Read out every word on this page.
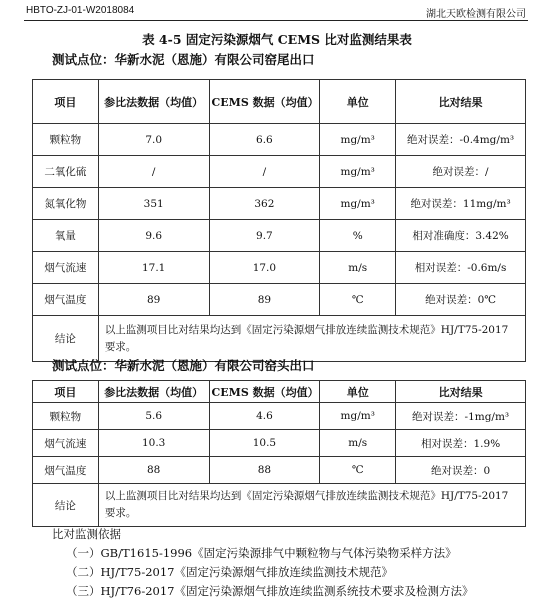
HBTO-ZJ-01-W2018084	湖北天欧检测有限公司
表 4-5 固定污染源烟气 CEMS 比对监测结果表
测试点位：华新水泥（恩施）有限公司窑尾出口
项目	参比法数据（均值）	CEMS 数据（均值）	单位	比对结果
颗粒物	7.0	6.6	mg/m³	绝对误差：-0.4mg/m³
二氧化硫	/	/	mg/m³	绝对误差：/
氮氧化物	351	362	mg/m³	绝对误差：11mg/m³
氧量	9.6	9.7	%	相对准确度：3.42%
烟气流速	17.1	17.0	m/s	相对误差：-0.6m/s
烟气温度	89	89	℃	绝对误差：0℃
结论	以上监测项目比对结果均达到《固定污染源烟气排放连续监测技术规范》HJ/T75-2017 要求。			
测试点位：华新水泥（恩施）有限公司窑头出口
项目	参比法数据（均值）	CEMS 数据（均值）	单位	比对结果
颗粒物	5.6	4.6	mg/m³	绝对误差：-1mg/m³
烟气流速	10.3	10.5	m/s	相对误差：1.9%
烟气温度	88	88	℃	绝对误差：0
结论	以上监测项目比对结果均达到《固定污染源烟气排放连续监测技术规范》HJ/T75-2017 要求。			
比对监测依据
（一）GB/T1615-1996《固定污染源排气中颗粒物与气体污染物采样方法》
（二）HJ/T75-2017《固定污染源烟气排放连续监测技术规范》
（三）HJ/T76-2017《固定污染源烟气排放连续监测系统技术要求及检测方法》
